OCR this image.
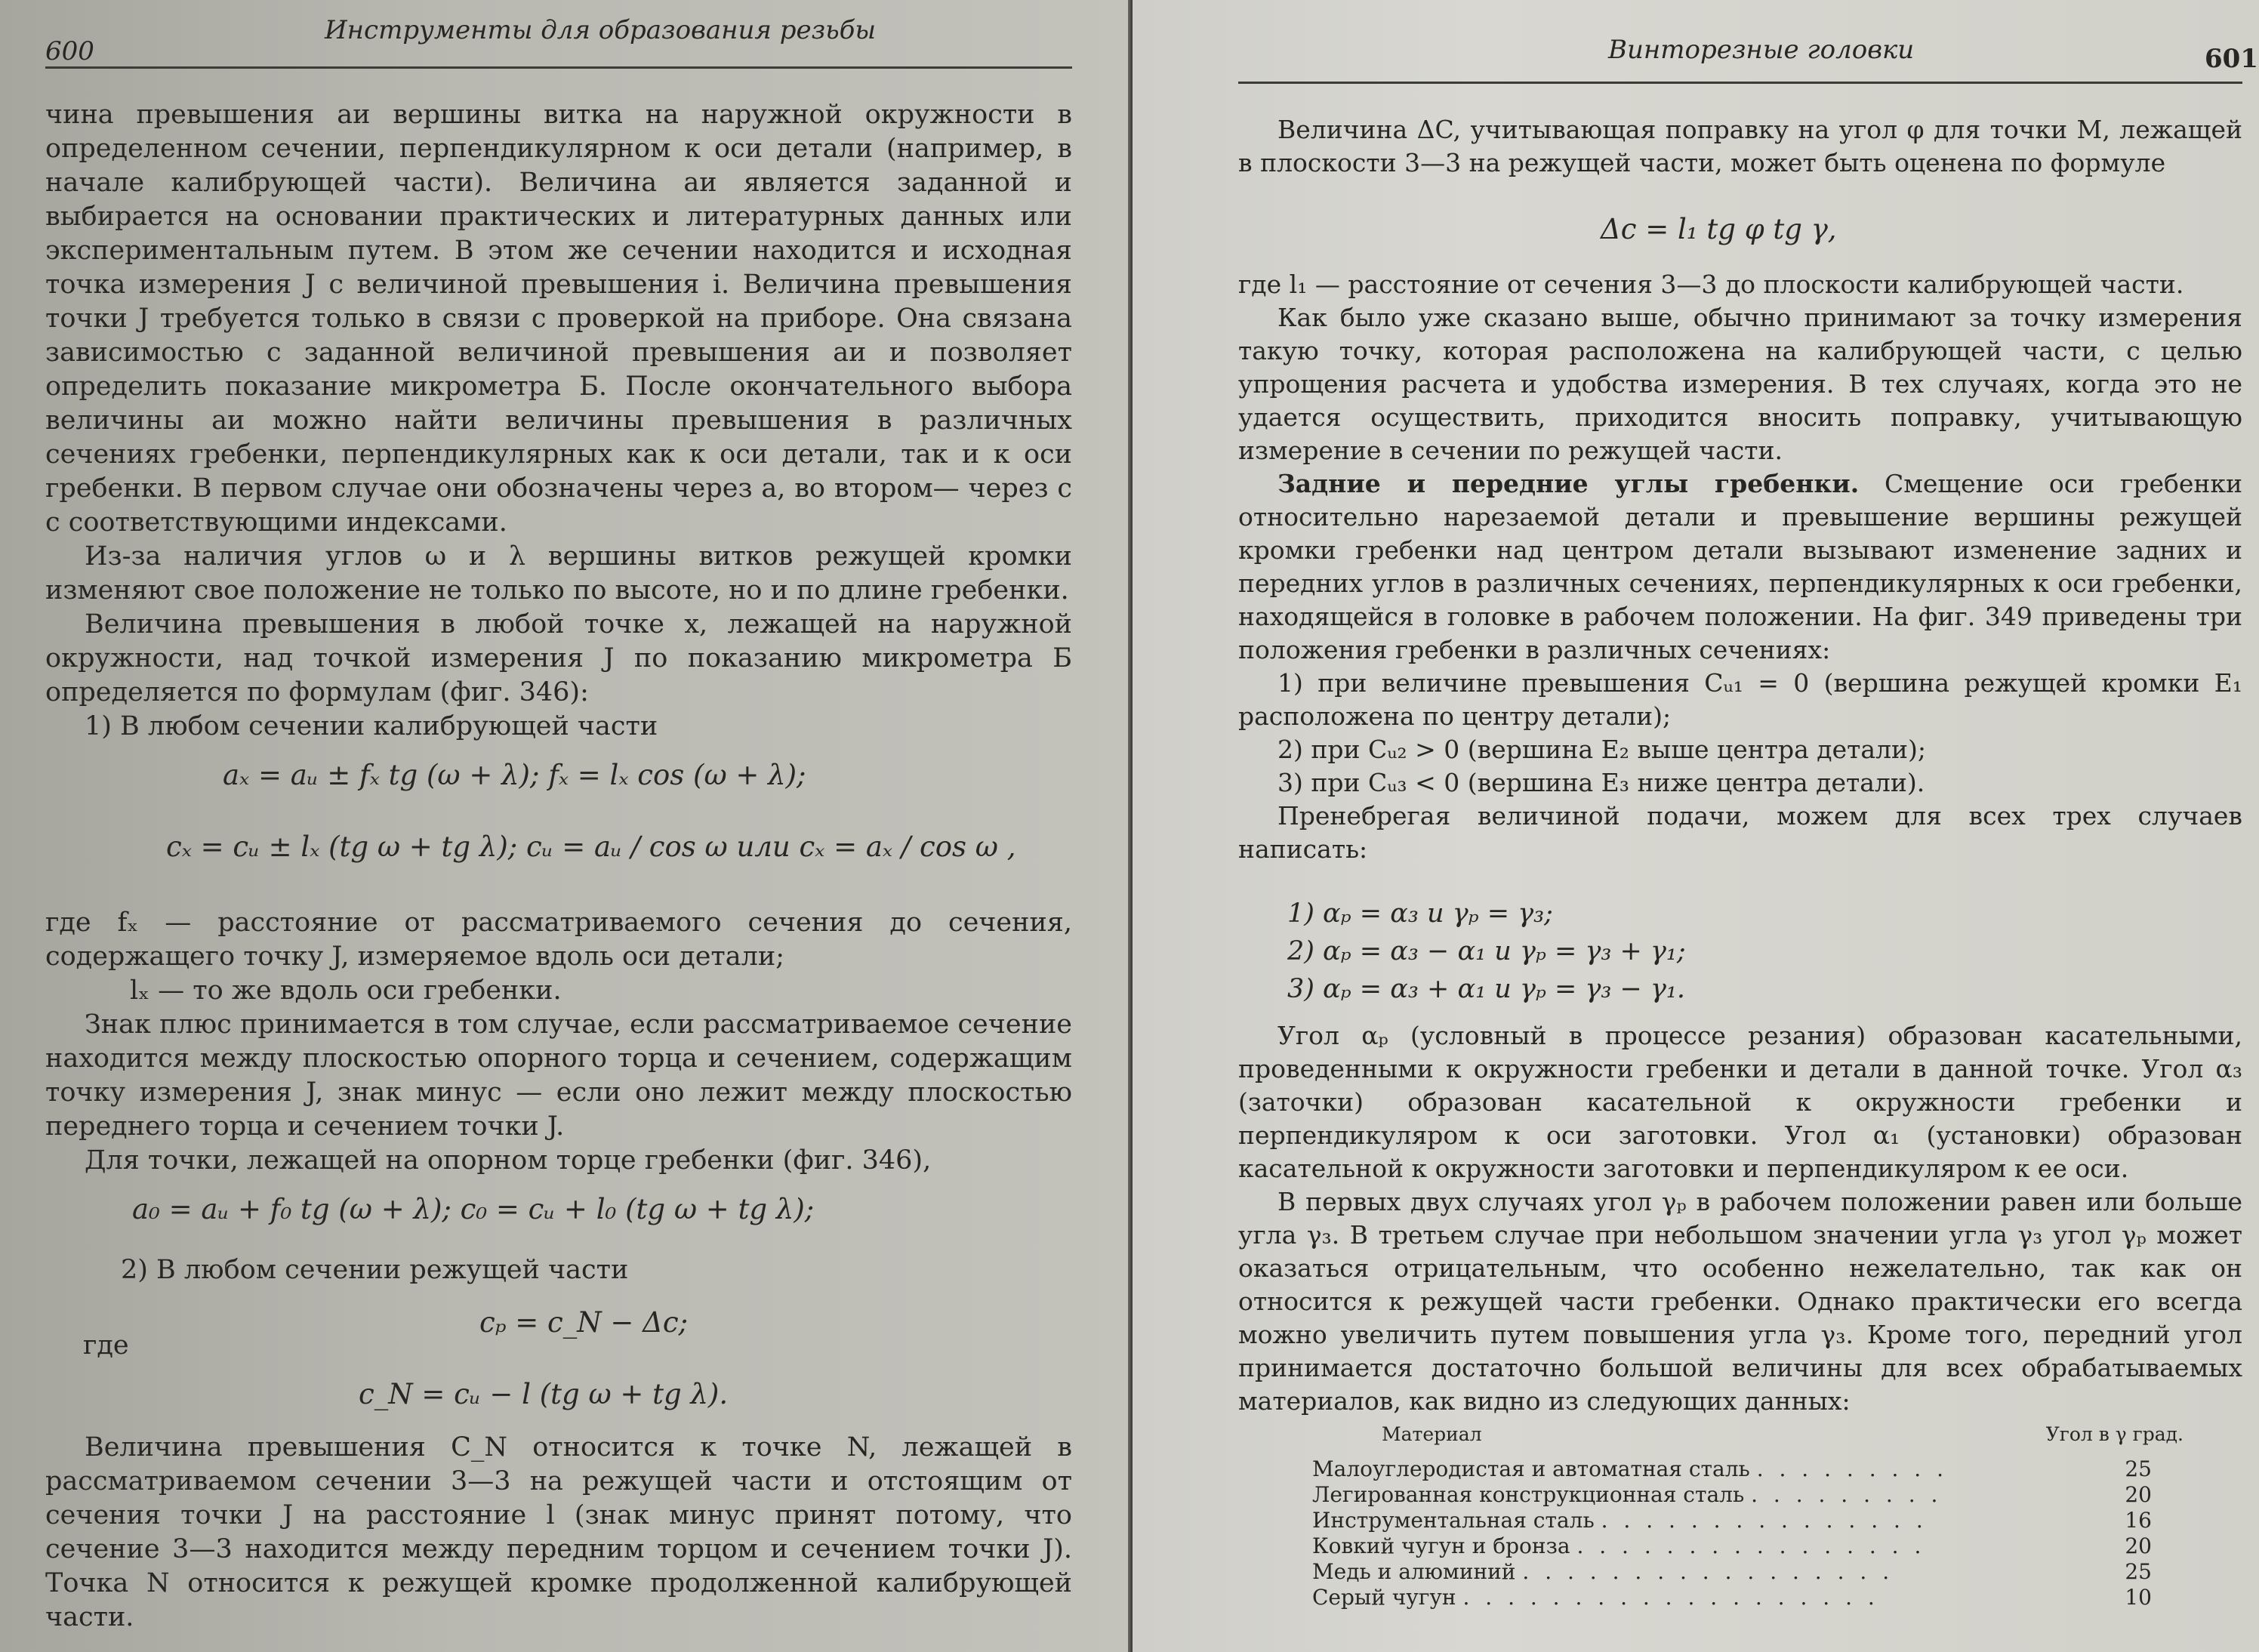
600
Инструменты для образования резьбы

чина превышения aи вершины витка на наружной окружности в определенном сечении, перпендикулярном к оси детали (например, в начале калибрующей части). Величина aи является заданной и выбирается на основании практических и литературных данных или экспериментальным путем. В этом же сечении находится и исходная точка измерения J с величиной превышения i. Величина превышения точки J требуется только в связи с проверкой на приборе. Она связана зависимостью с заданной величиной превышения aи и позволяет определить показание микрометра Б. После окончательного выбора величины aи можно найти величины превышения в различных сечениях гребенки, перпендикулярных как к оси детали, так и к оси гребенки. В первом случае они обозначены через a, во втором— через c с соответствующими индексами.

Из-за наличия углов ω и λ вершины витков режущей кромки изменяют свое положение не только по высоте, но и по длине гребенки.

Величина превышения в любой точке x, лежащей на наружной окружности, над точкой измерения J по показанию микрометра Б определяется по формулам (фиг. 346):

1) В любом сечении калибрующей части

aₓ = aᵤ ± fₓ tg (ω + λ); fₓ = lₓ cos (ω + λ);
cₓ = cᵤ ± lₓ (tg ω + tg λ); cᵤ = aᵤ / cos ω или cₓ = aₓ / cos ω ,

где fₓ — расстояние от рассматриваемого сечения до сечения, содержащего точку J, измеряемое вдоль оси детали;

lₓ — то же вдоль оси гребенки.

Знак плюс принимается в том случае, если рассматриваемое сечение находится между плоскостью опорного торца и сечением, содержащим точку измерения J, знак минус — если оно лежит между плоскостью переднего торца и сечением точки J.

Для точки, лежащей на опорном торце гребенки (фиг. 346),

a₀ = aᵤ + f₀ tg (ω + λ); c₀ = cᵤ + l₀ (tg ω + tg λ);
2) В любом сечении режущей части
cₚ = c_N − Δc;
где
c_N = cᵤ − l (tg ω + tg λ).

Величина превышения C_N относится к точке N, лежащей в рассматриваемом сечении 3—3 на режущей части и отстоящим от сечения точки J на расстояние l (знак минус принят потому, что сечение 3—3 находится между передним торцом и сечением точки J). Точка N относится к режущей кромке продолженной калибрующей части.

Винторезные головки	601

Величина ΔC, учитывающая поправку на угол φ для точки M, лежащей в плоскости 3—3 на режущей части, может быть оценена по формуле

Δc = l₁ tg φ tg γ,

где l₁ — расстояние от сечения 3—3 до плоскости калибрующей части.

Как было уже сказано выше, обычно принимают за точку измерения такую точку, которая расположена на калибрующей части, с целью упрощения расчета и удобства измерения. В тех случаях, когда это не удается осуществить, приходится вносить поправку, учитывающую измерение в сечении по режущей части.

Задние и передние углы гребенки. Смещение оси гребенки относительно нарезаемой детали и превышение вершины режущей кромки гребенки над центром детали вызывают изменение задних и передних углов в различных сечениях, перпендикулярных к оси гребенки, находящейся в головке в рабочем положении. На фиг. 349 приведены три положения гребенки в различных сечениях:

1) при величине превышения Cᵤ₁ = 0 (вершина режущей кромки E₁ расположена по центру детали);

2) при Cᵤ₂ > 0 (вершина E₂ выше центра детали);

3) при Cᵤ₃ < 0 (вершина E₃ ниже центра детали).

Пренебрегая величиной подачи, можем для всех трех случаев написать:

1) αₚ = α₃ и γₚ = γ₃;
2) αₚ = α₃ − α₁ и γₚ = γ₃ + γ₁;
3) αₚ = α₃ + α₁ и γₚ = γ₃ − γ₁.

Угол αₚ (условный в процессе резания) образован касательными, проведенными к окружности гребенки и детали в данной точке. Угол α₃ (заточки) образован касательной к окружности гребенки и перпендикуляром к оси заготовки. Угол α₁ (установки) образован касательной к окружности заготовки и перпендикуляром к ее оси.

В первых двух случаях угол γₚ в рабочем положении равен или больше угла γ₃. В третьем случае при небольшом значении угла γ₃ угол γₚ может оказаться отрицательным, что особенно нежелательно, так как он относится к режущей части гребенки. Однако практически его всегда можно увеличить путем повышения угла γ₃. Кроме того, передний угол принимается достаточно большой величины для всех обрабатываемых материалов, как видно из следующих данных:

Материал	Угол в γ град.
Малоуглеродистая и автоматная сталь . . . . . . . . .	25
Легированная конструкционная сталь . . . . . . . . .	20
Инструментальная сталь . . . . . . . . . . . . . . .	16
Ковкий чугун и бронза . . . . . . . . . . . . . . . .	20
Медь и алюминий . . . . . . . . . . . . . . . . .	25
Серый чугун . . . . . . . . . . . . . . . . . . .	10
